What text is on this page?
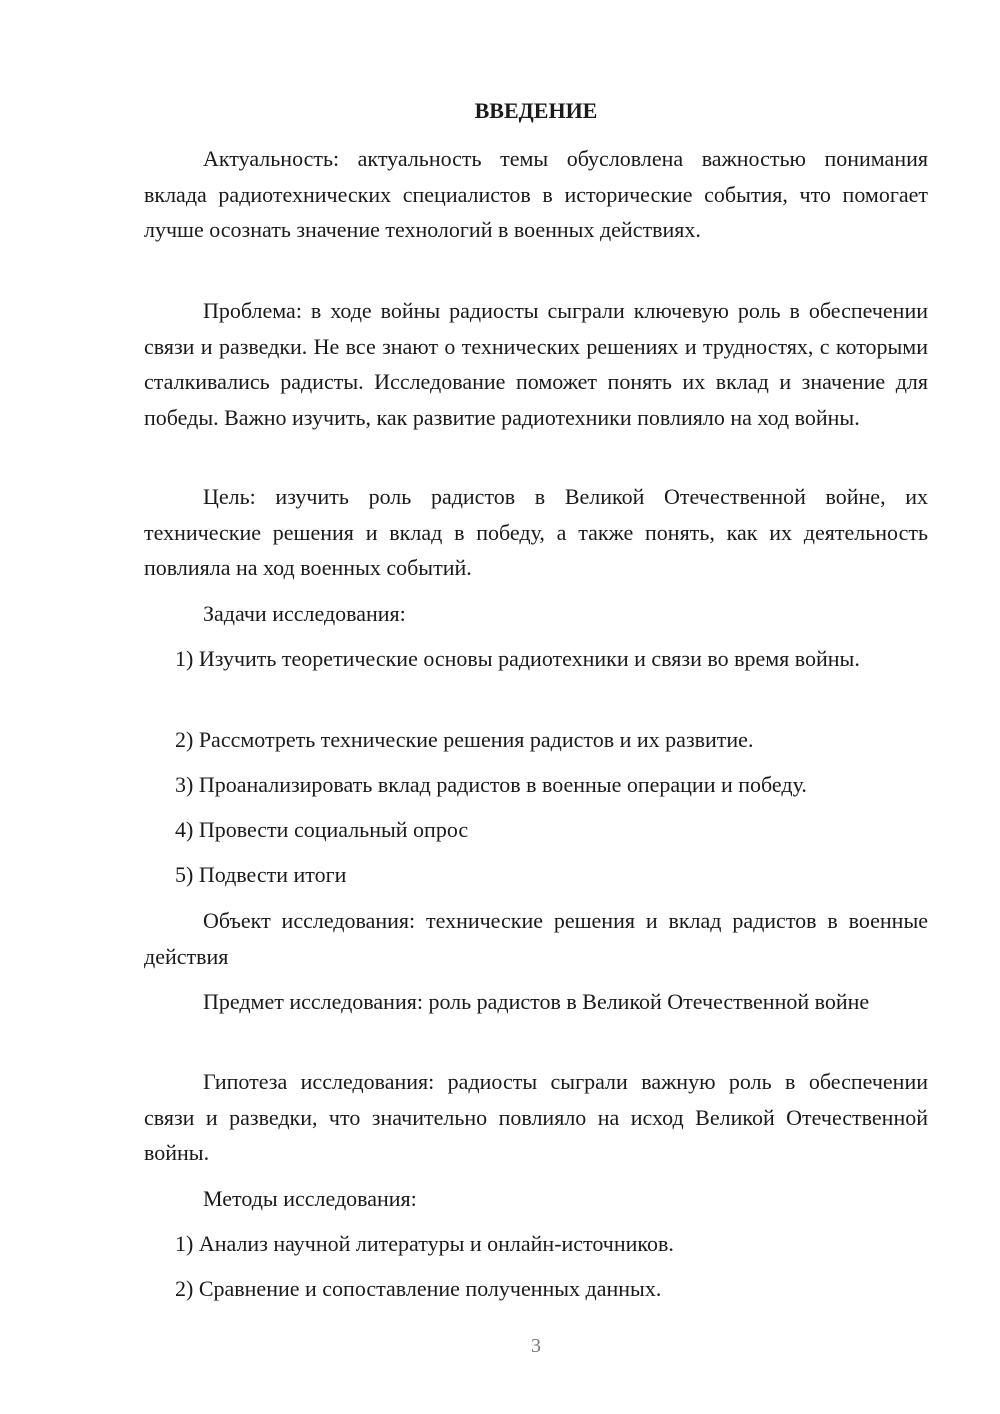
ВВЕДЕНИЕ

Актуальность: актуальность темы обусловлена важностью понимания вклада радиотехнических специалистов в исторические события, что помогает лучше осознать значение технологий в военных действиях.

Проблема: в ходе войны радиосты сыграли ключевую роль в обеспечении связи и разведки. Не все знают о технических решениях и трудностях, с которыми сталкивались радисты. Исследование поможет понять их вклад и значение для победы. Важно изучить, как развитие радиотехники повлияло на ход войны.

Цель: изучить роль радистов в Великой Отечественной войне, их технические решения и вклад в победу, а также понять, как их деятельность повлияла на ход военных событий.

Задачи исследования:

1) Изучить теоретические основы радиотехники и связи во время войны.

2) Рассмотреть технические решения радистов и их развитие.

3) Проанализировать вклад радистов в военные операции и победу.

4) Провести социальный опрос

5) Подвести итоги

Объект исследования: технические решения и вклад радистов в военные действия

Предмет исследования: роль радистов в Великой Отечественной войне

Гипотеза исследования: радиосты сыграли важную роль в обеспечении связи и разведки, что значительно повлияло на исход Великой Отечественной войны.

Методы исследования:

1) Анализ научной литературы и онлайн-источников.

2) Сравнение и сопоставление полученных данных.

3
